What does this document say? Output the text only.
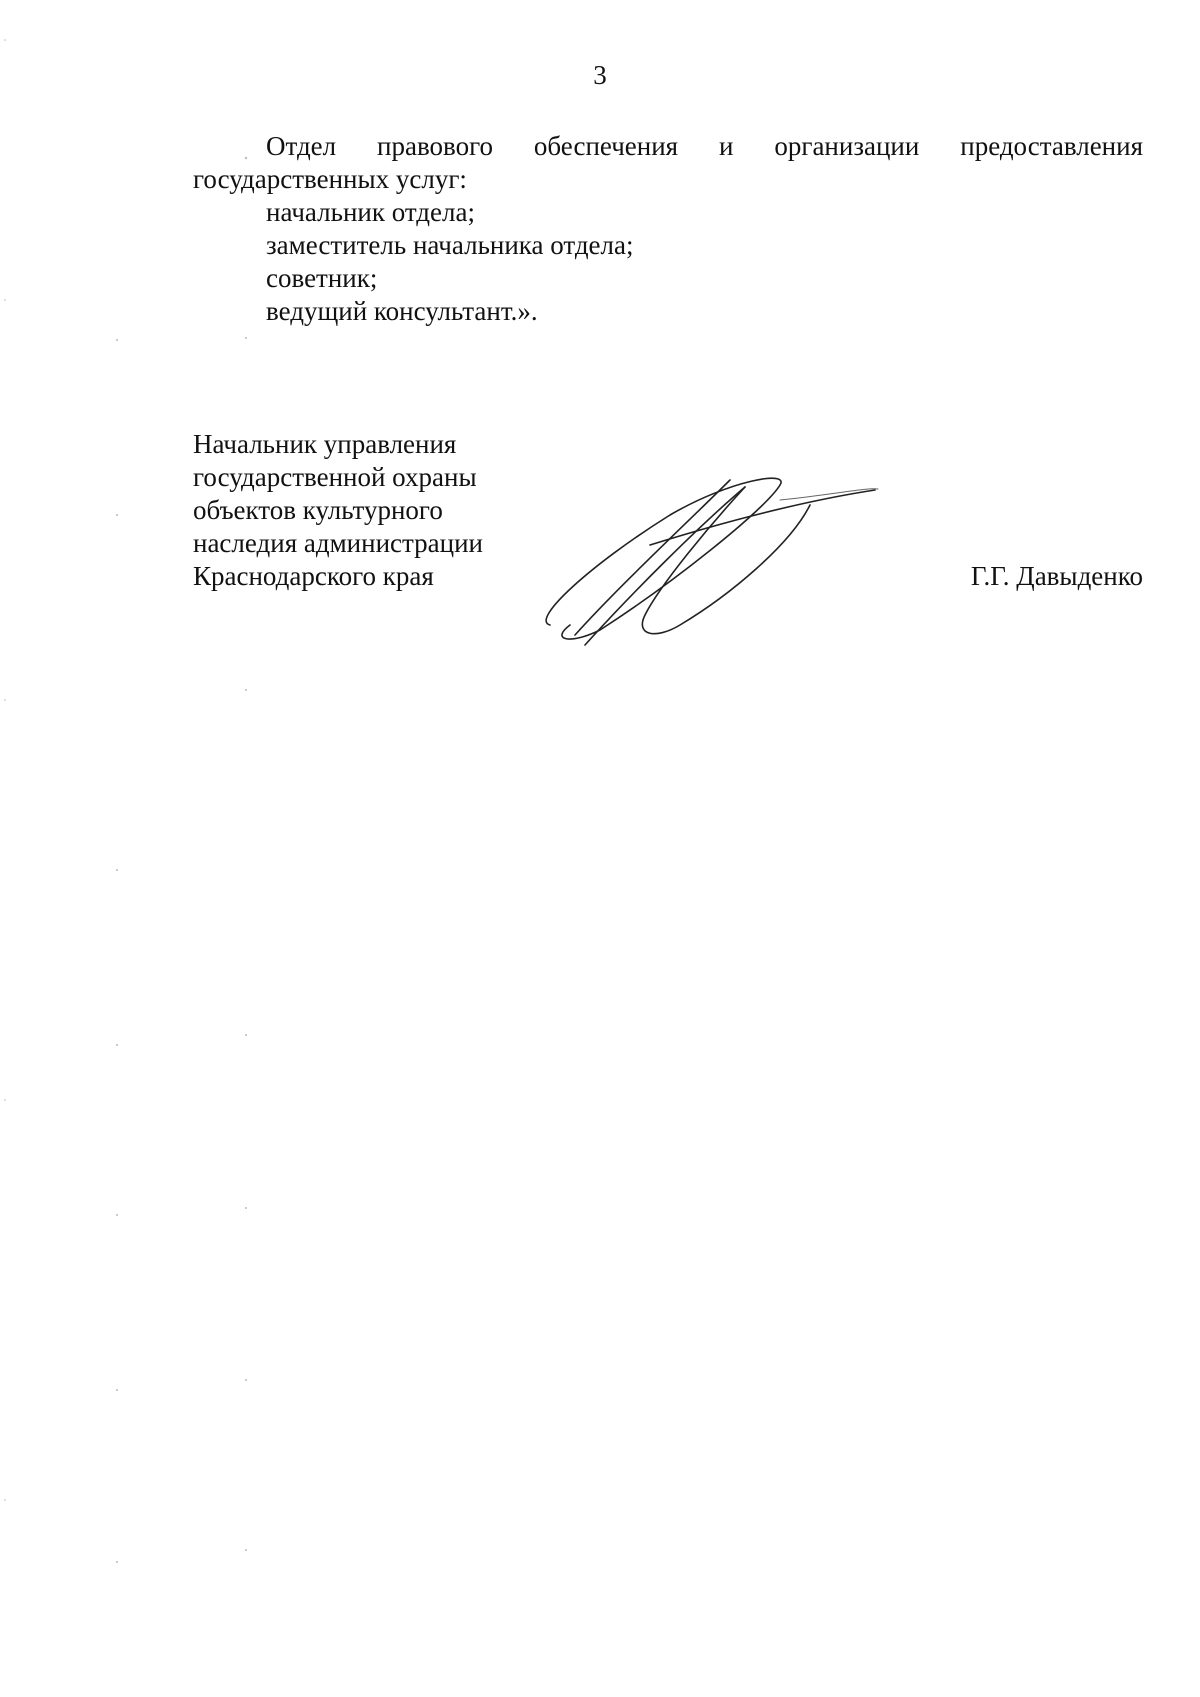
3

Отдел правового обеспечения и организации предоставления государственных услуг:

начальник отдела;

заместитель начальника отдела;

советник;

ведущий консультант.».

Начальник управления

государственной охраны

объектов культурного

наследия администрации

Краснодарского края	Г.Г. Давыденко
